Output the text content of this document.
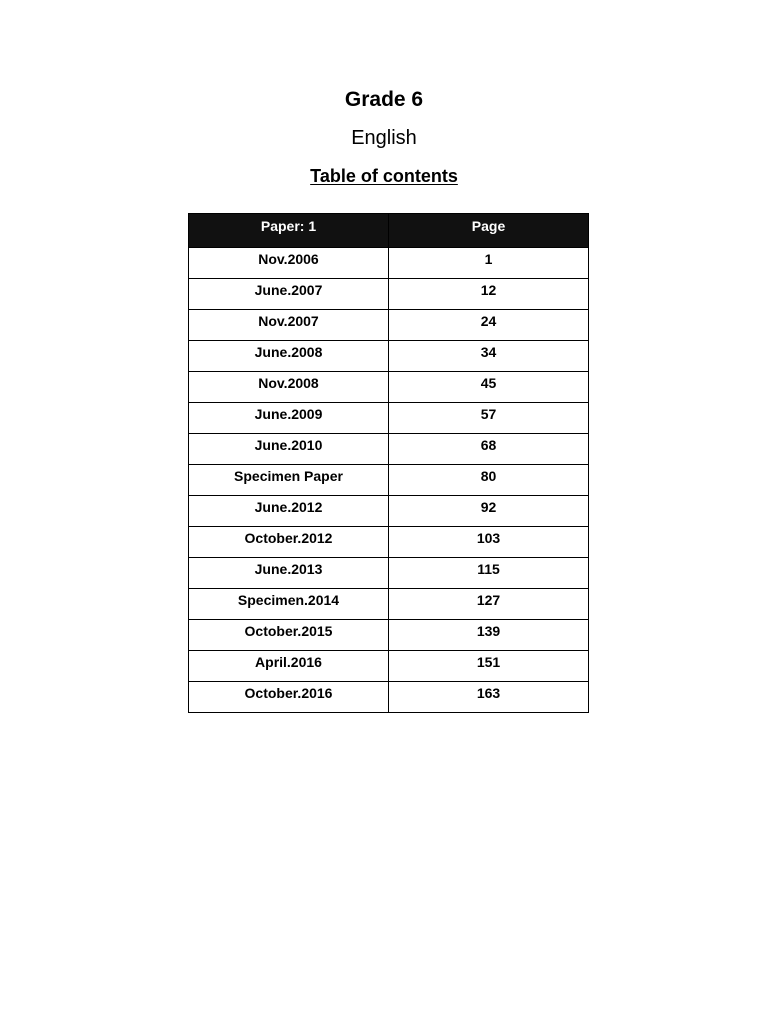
Grade 6
English
Table of contents
Paper: 1	Page
Nov.2006	1
June.2007	12
Nov.2007	24
June.2008	34
Nov.2008	45
June.2009	57
June.2010	68
Specimen Paper	80
June.2012	92
October.2012	103
June.2013	115
Specimen.2014	127
October.2015	139
April.2016	151
October.2016	163
